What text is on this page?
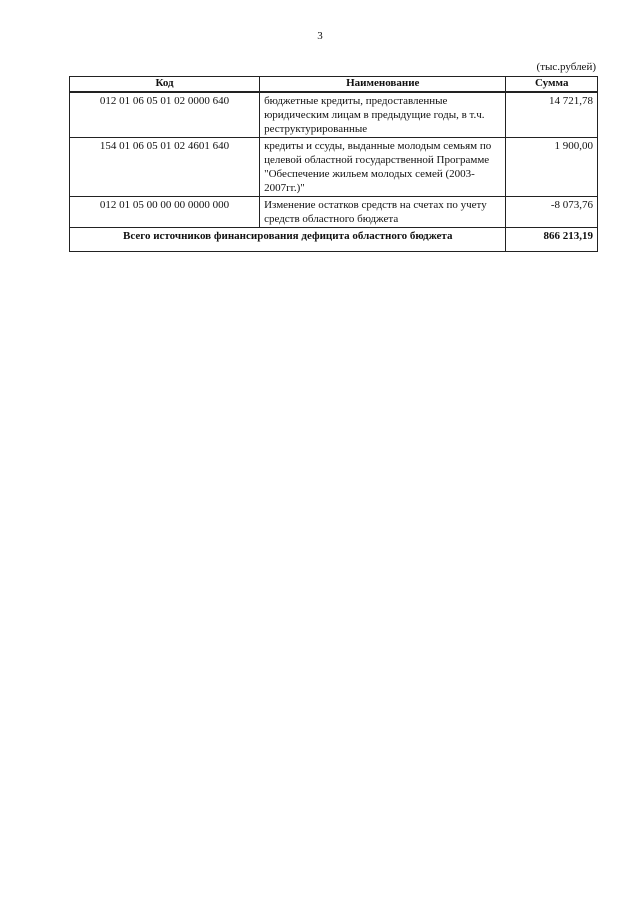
3
(тыс.рублей)
Код	Наименование	Сумма
012 01 06 05 01 02 0000 640	бюджетные кредиты, предоставленные юридическим лицам в предыдущие годы, в т.ч. реструктурированные	14 721,78
154 01 06 05 01 02 4601 640	кредиты и ссуды, выданные молодым семьям по целевой областной государственной Программе "Обеспечение жильем молодых семей (2003-2007гг.)"	1 900,00
012 01 05 00 00 00 0000 000	Изменение остатков средств на счетах по учету средств областного бюджета	-8 073,76
Всего источников финансирования дефицита областного бюджета		866 213,19
